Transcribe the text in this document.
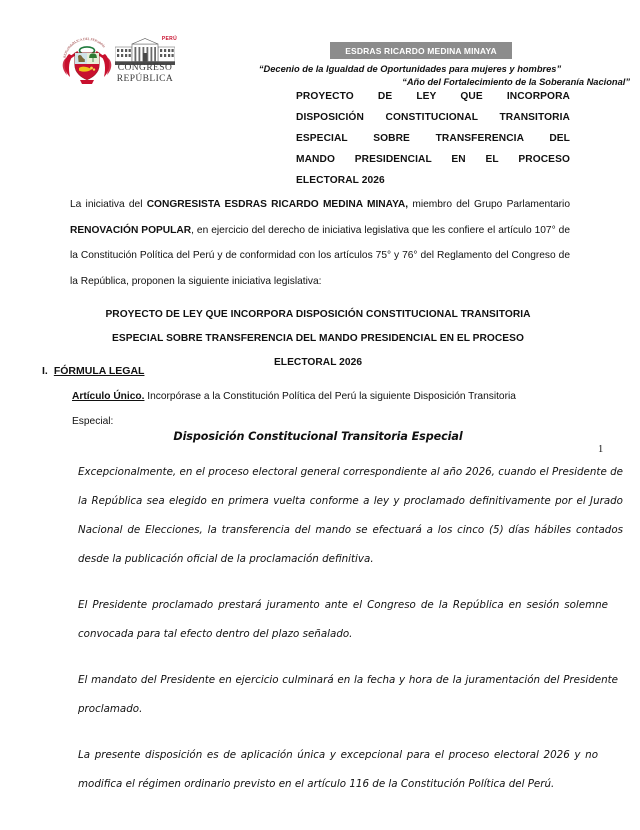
REP\u00daBLICA DEL PER\u00da
PERÚ
CONGRESO
REPÚBLICA
ESDRAS RICARDO MEDINA MINAYA
“Decenio de la Igualdad de Oportunidades para mujeres y hombres”
“Año del Fortalecimiento de la Soberanía Nacional”
PROYECTO DE LEY QUE INCORPORA
DISPOSICIÓN CONSTITUCIONAL TRANSITORIA
ESPECIAL SOBRE TRANSFERENCIA DEL
MANDO PRESIDENCIAL EN EL PROCESO
ELECTORAL 2026
La iniciativa del CONGRESISTA ESDRAS RICARDO MEDINA MINAYA, miembro del Grupo Parlamentario RENOVACIÓN POPULAR, en ejercicio del derecho de iniciativa legislativa que les confiere el artículo 107° de la Constitución Política del Perú y de conformidad con los artículos 75° y 76° del Reglamento del Congreso de la República, proponen la siguiente iniciativa legislativa:
PROYECTO DE LEY QUE INCORPORA DISPOSICIÓN CONSTITUCIONAL TRANSITORIA
ESPECIAL SOBRE TRANSFERENCIA DEL MANDO PRESIDENCIAL EN EL PROCESO
ELECTORAL 2026
I. FÓRMULA LEGAL
Artículo Único. Incorpórase a la Constitución Política del Perú la siguiente Disposición Transitoria Especial:
Disposición Constitucional Transitoria Especial
1

Excepcionalmente, en el proceso electoral general correspondiente al año 2026, cuando el Presidente de la República sea elegido en primera vuelta conforme a ley y proclamado definitivamente por el Jurado Nacional de Elecciones, la transferencia del mando se efectuará a los cinco (5) días hábiles contados desde la publicación oficial de la proclamación definitiva.

El Presidente proclamado prestará juramento ante el Congreso de la República en sesión solemne convocada para tal efecto dentro del plazo señalado.

El mandato del Presidente en ejercicio culminará en la fecha y hora de la juramentación del Presidente proclamado.

La presente disposición es de aplicación única y excepcional para el proceso electoral 2026 y no modifica el régimen ordinario previsto en el artículo 116 de la Constitución Política del Perú.
